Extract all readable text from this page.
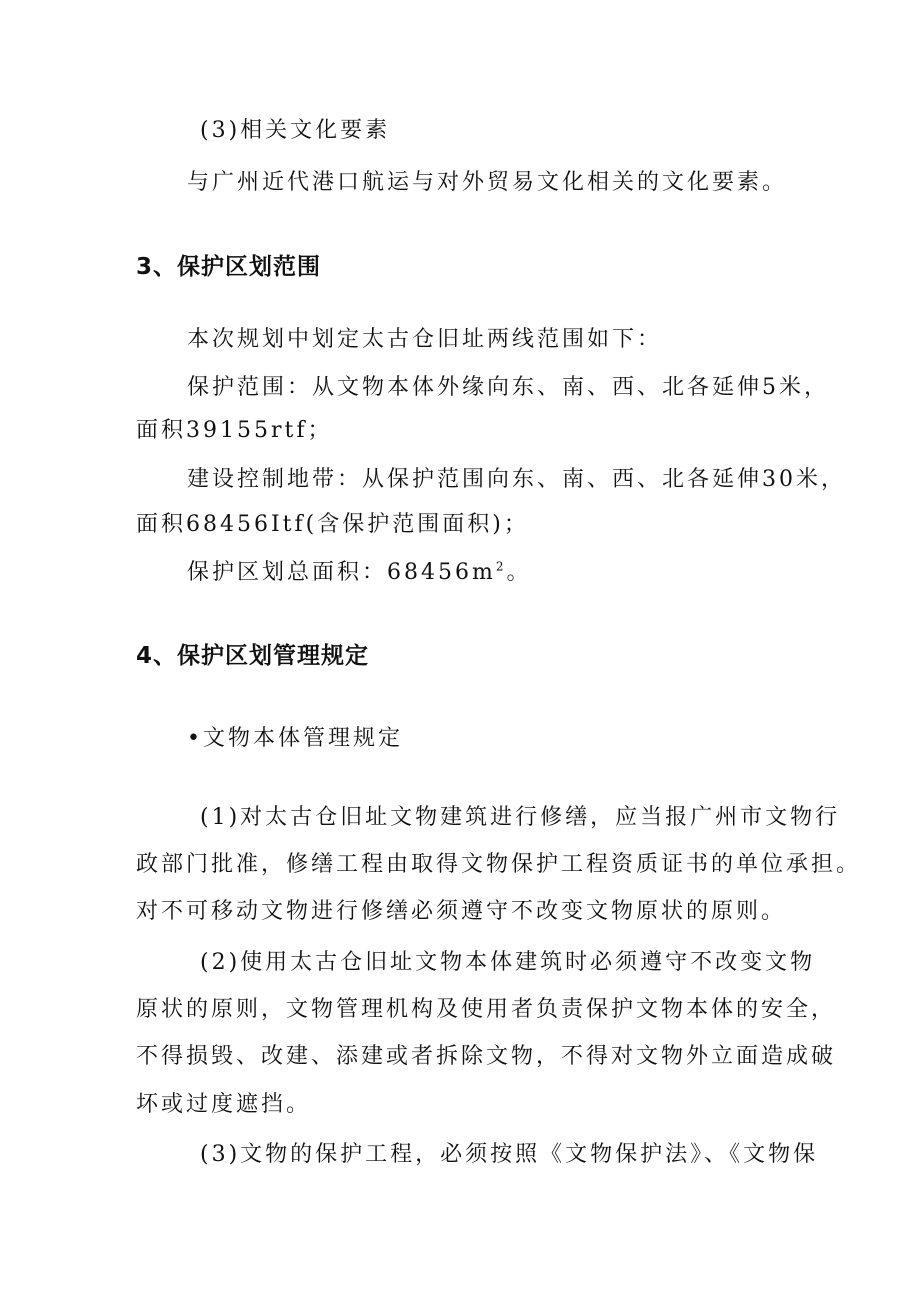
(3)相关文化要素
与广州近代港口航运与对外贸易文化相关的文化要素。
3、保护区划范围
本次规划中划定太古仓旧址两线范围如下：
保护范围：从文物本体外缘向东、南、西、北各延伸5米，
面积39155rtf；
建设控制地带：从保护范围向东、南、西、北各延伸30米，
面积68456Itf(含保护范围面积)；
保护区划总面积：$68456m^2$。
4、保护区划管理规定
•文物本体管理规定
(1)对太古仓旧址文物建筑进行修缮，应当报广州市文物行
政部门批准，修缮工程由取得文物保护工程资质证书的单位承担。
对不可移动文物进行修缮必须遵守不改变文物原状的原则。
(2)使用太古仓旧址文物本体建筑时必须遵守不改变文物
原状的原则，文物管理机构及使用者负责保护文物本体的安全，
不得损毁、改建、添建或者拆除文物，不得对文物外立面造成破
坏或过度遮挡。
(3)文物的保护工程，必须按照《文物保护法》、《文物保
